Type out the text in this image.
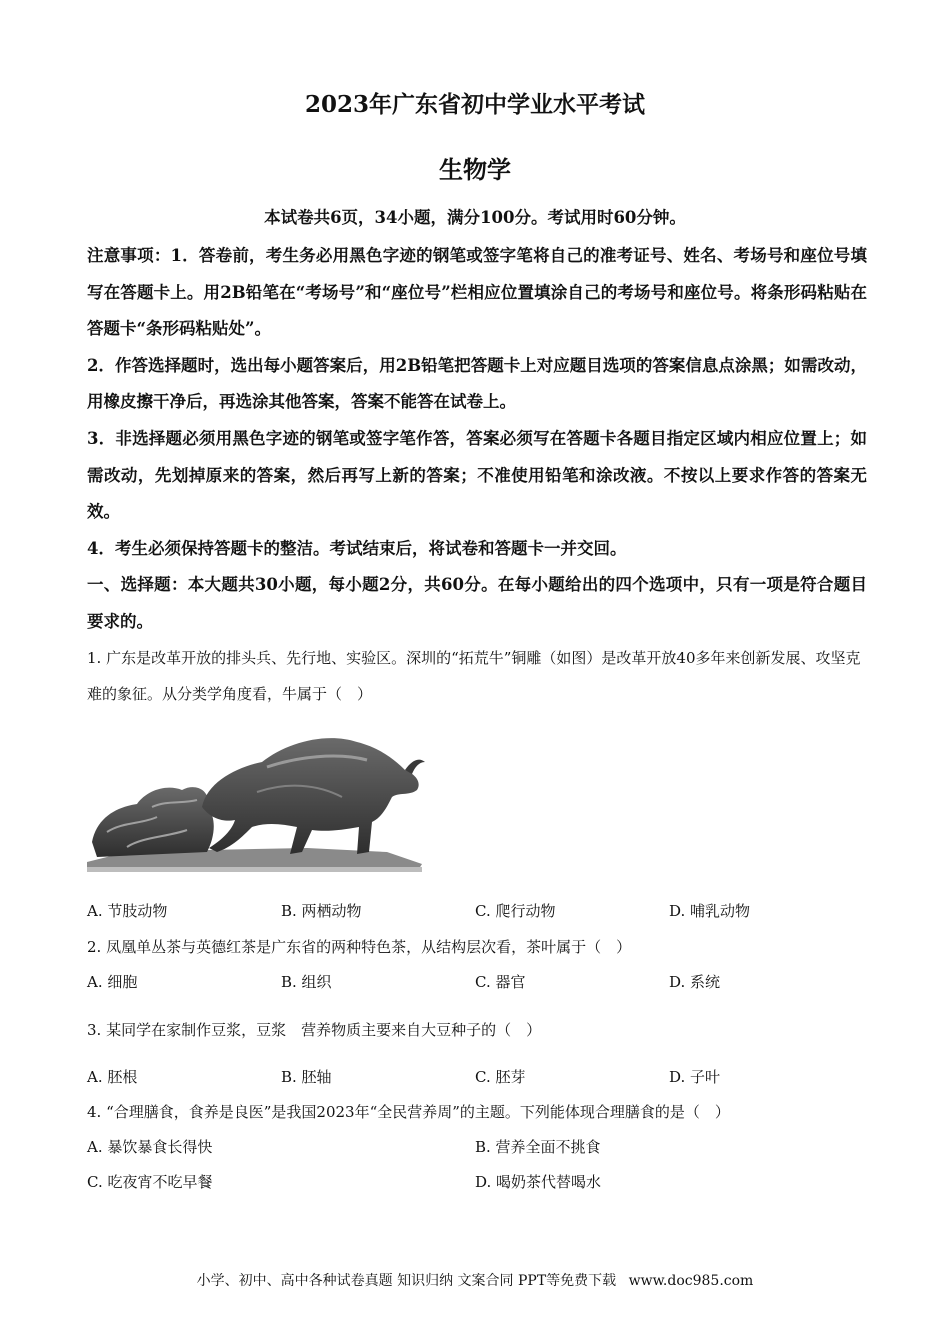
2023年广东省初中学业水平考试
生物学
本试卷共6页，34小题，满分100分。考试用时60分钟。

注意事项：1．答卷前，考生务必用黑色字迹的钢笔或签字笔将自己的准考证号、姓名、考场号和座位号填写在答题卡上。用2B铅笔在“考场号”和“座位号”栏相应位置填涂自己的考场号和座位号。将条形码粘贴在答题卡“条形码粘贴处”。

2．作答选择题时，选出每小题答案后，用2B铅笔把答题卡上对应题目选项的答案信息点涂黑；如需改动，用橡皮擦干净后，再选涂其他答案，答案不能答在试卷上。

3．非选择题必须用黑色字迹的钢笔或签字笔作答，答案必须写在答题卡各题目指定区域内相应位置上；如需改动，先划掉原来的答案，然后再写上新的答案；不准使用铅笔和涂改液。不按以上要求作答的答案无效。

4．考生必须保持答题卡的整洁。考试结束后，将试卷和答题卡一并交回。

一、选择题：本大题共30小题，每小题2分，共60分。在每小题给出的四个选项中，只有一项是符合题目要求的。

1. 广东是改革开放的排头兵、先行地、实验区。深圳的“拓荒牛”铜雕（如图）是改革开放40多年来创新发展、攻坚克难的象征。从分类学角度看，牛属于（　）

A. 节肢动物	B. 两栖动物	C. 爬行动物	D. 哺乳动物

2. 凤凰单丛茶与英德红茶是广东省的两种特色茶，从结构层次看，茶叶属于（　）

A. 细胞	B. 组织	C. 器官	D. 系统

3. 某同学在家制作豆浆，豆浆　营养物质主要来自大豆种子的（　）

A. 胚根	B. 胚轴	C. 胚芽	D. 子叶

4. “合理膳食，食养是良医”是我国2023年“全民营养周”的主题。下列能体现合理膳食的是（　）

A. 暴饮暴食长得快	B. 营养全面不挑食
C. 吃夜宵不吃早餐	D. 喝奶茶代替喝水
小学、初中、高中各种试卷真题 知识归纳 文案合同 PPT等免费下载 www.doc985.com
